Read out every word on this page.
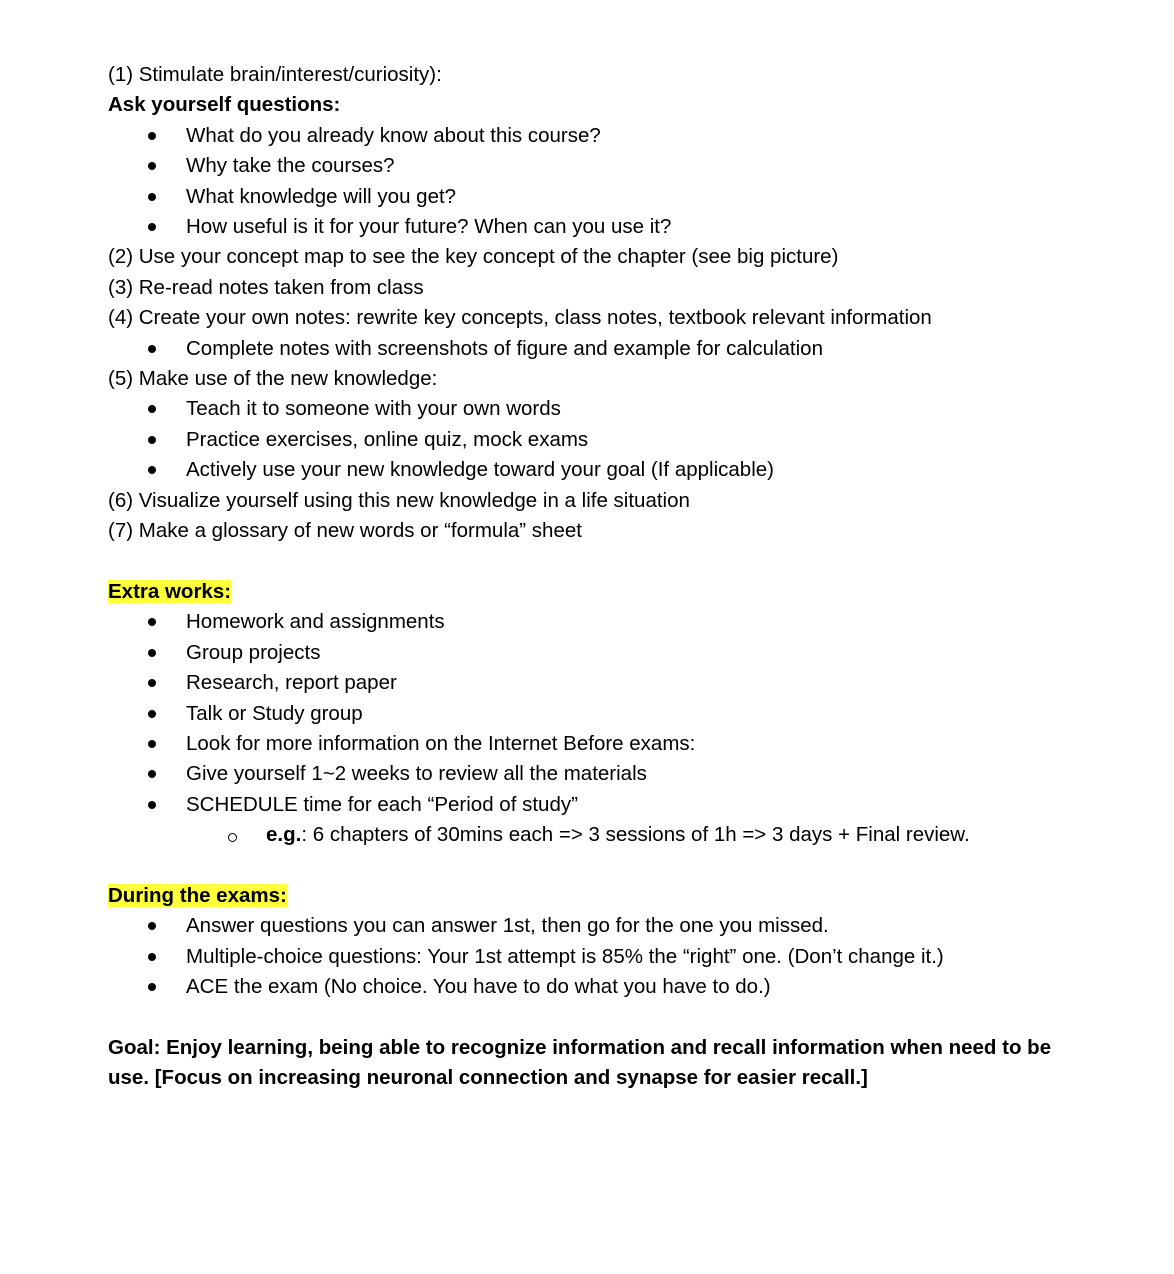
(1) Stimulate brain/interest/curiosity):

Ask yourself questions:

What do you already know about this course?
Why take the courses?
What knowledge will you get?
How useful is it for your future? When can you use it?

(2) Use your concept map to see the key concept of the chapter (see big picture)

(3) Re-read notes taken from class

(4) Create your own notes: rewrite key concepts, class notes, textbook relevant information

Complete notes with screenshots of figure and example for calculation

(5) Make use of the new knowledge:

Teach it to someone with your own words
Practice exercises, online quiz, mock exams
Actively use your new knowledge toward your goal (If applicable)

(6) Visualize yourself using this new knowledge in a life situation

(7) Make a glossary of new words or “formula” sheet

Extra works:

Homework and assignments
Group projects
Research, report paper
Talk or Study group
Look for more information on the Internet Before exams:
Give yourself 1~2 weeks to review all the materials
SCHEDULE time for each “Period of study”
e.g.: 6 chapters of 30mins each => 3 sessions of 1h => 3 days + Final review.

During the exams:

Answer questions you can answer 1st, then go for the one you missed.
Multiple-choice questions: Your 1st attempt is 85% the “right” one. (Don’t change it.)
ACE the exam (No choice. You have to do what you have to do.)

Goal: Enjoy learning, being able to recognize information and recall information when need to be use. [Focus on increasing neuronal connection and synapse for easier recall.]
